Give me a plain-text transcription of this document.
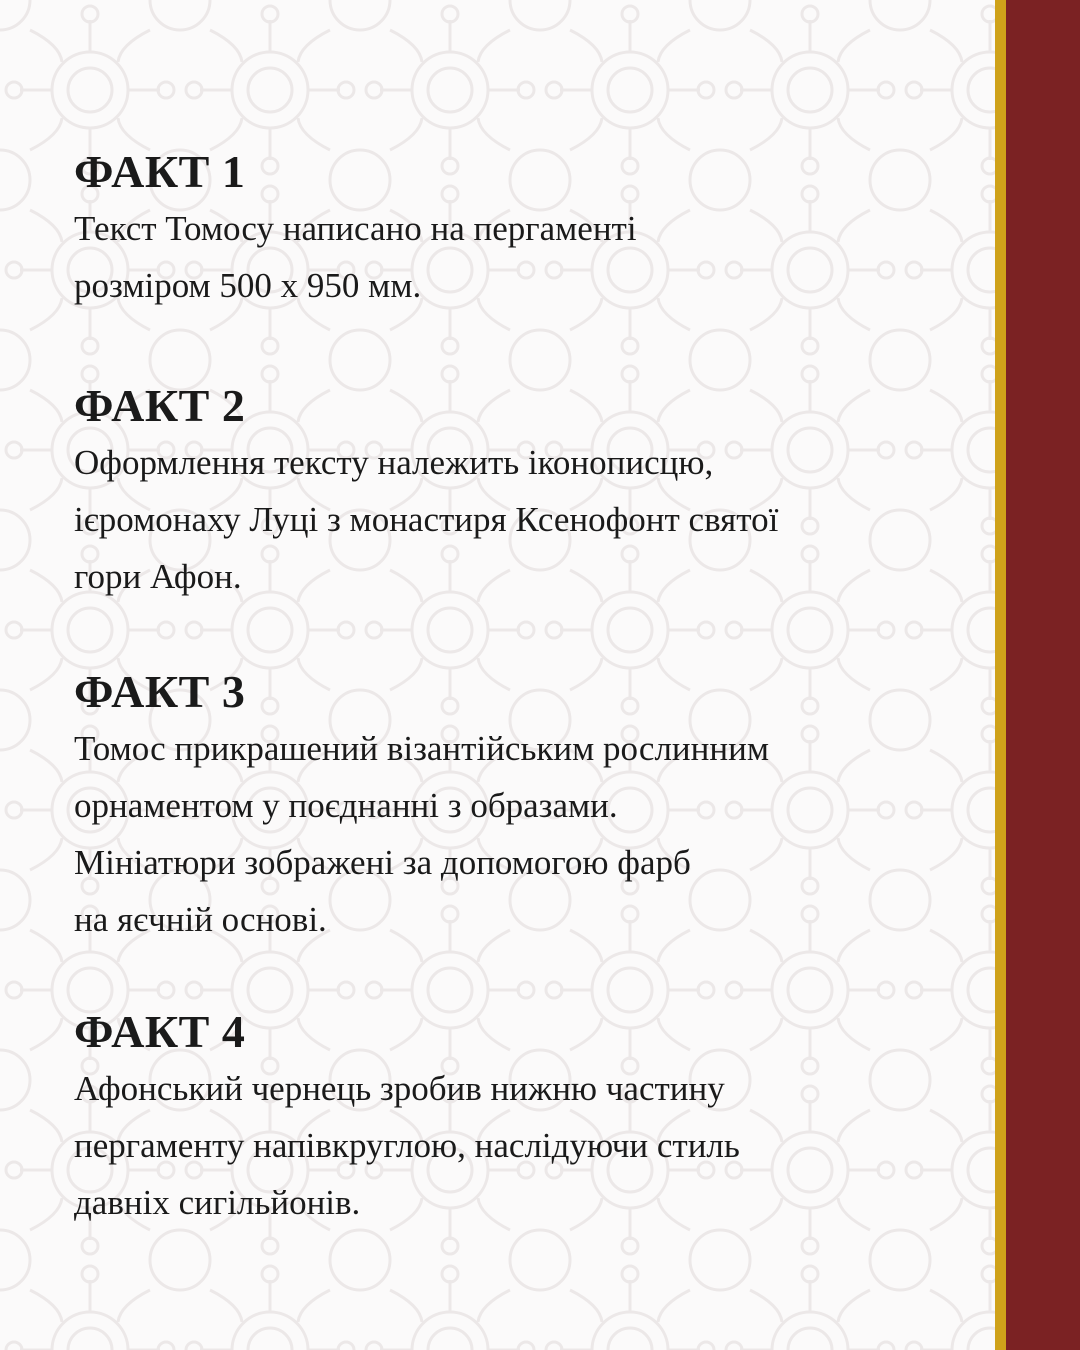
ФАКТ 1
Текст Томосу написано на пергаменті
розміром 500 х 950 мм.
ФАКТ 2
Оформлення тексту належить іконописцю,
ієромонаху Луці з монастиря Ксенофонт святої
гори Афон.
ФАКТ 3
Томос прикрашений візантійським рослинним
орнаментом у поєднанні з образами.
Мініатюри зображені за допомогою фарб
на яєчній основі.
ФАКТ 4
Афонський чернець зробив нижню частину
пергаменту напівкруглою, наслідуючи стиль
давніх сигільйонів.
